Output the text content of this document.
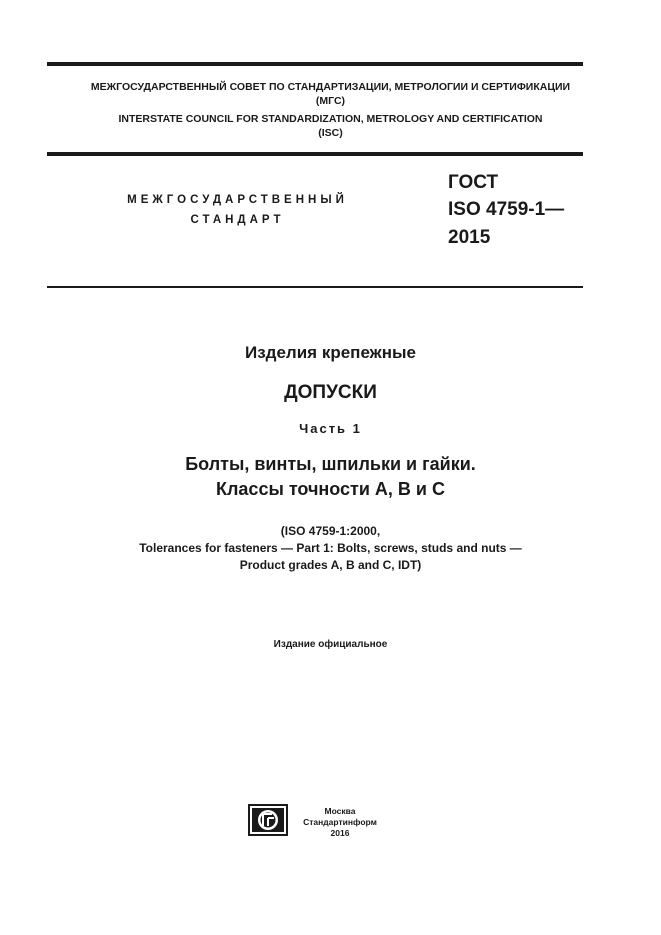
МЕЖГОСУДАРСТВЕННЫЙ СОВЕТ ПО СТАНДАРТИЗАЦИИ, МЕТРОЛОГИИ И СЕРТИФИКАЦИИ
(МГС)
INTERSTATE COUNCIL FOR STANDARDIZATION, METROLOGY AND CERTIFICATION
(ISC)
МЕЖГОСУДАРСТВЕННЫЙ
СТАНДАРТ
ГОСТ
ISO 4759-1—
2015
Изделия крепежные
ДОПУСКИ
Часть 1
Болты, винты, шпильки и гайки.
Классы точности А, В и С
(ISO 4759-1:2000,
Tolerances for fasteners — Part 1: Bolts, screws, studs and nuts —
Product grades A, B and C, IDT)
Издание официальное
Москва
Стандартинформ
2016
